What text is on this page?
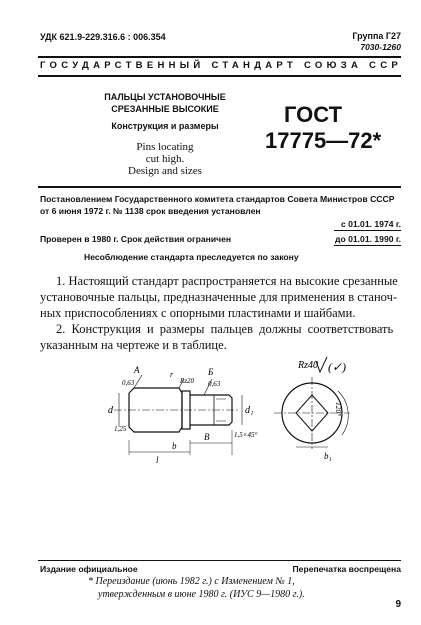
УДК 621.9-229.316.6 : 006.354	Группа Г27
7030-1260
ГОСУДАРСТВЕННЫЙ СТАНДАРТ СОЮЗА ССР
ПАЛЬЦЫ УСТАНОВОЧНЫЕ
СРЕЗАННЫЕ ВЫСОКИЕ
Конструкция и размеры
Pins locating
cut high.
Design and sizes
ГОСТ
17775—72*
Постановлением Государственного комитета стандартов Совета Министров СССР
от 6 июня 1972 г. № 1138 срок введения установлен
с 01.01. 1974 г.
Проверен в 1980 г. Срок действия ограничен	до 01.01. 1990 г.
Несоблюдение стандарта преследуется по закону
1. Настоящий стандарт распространяется на высокие срезанные
установочные пальцы, предназначенные для применения в станоч-
ных приспособлениях с опорными пластинами и шайбами.
2. Конструкция и размеры пальцев должны соответствовать
указанным на чертеже и в таблице.
Rz40 (✓)
A
0,63
r
Rz20
Б
0,63
d	d₁
1,25
1,5×45°
b
B
l
120°
b₁
Издание официальное	Перепечатка воспрещена
* Переиздание (июнь 1982 г.) с Изменением № 1,
утвержденным в июне 1980 г. (ИУС 9—1980 г.).
9
